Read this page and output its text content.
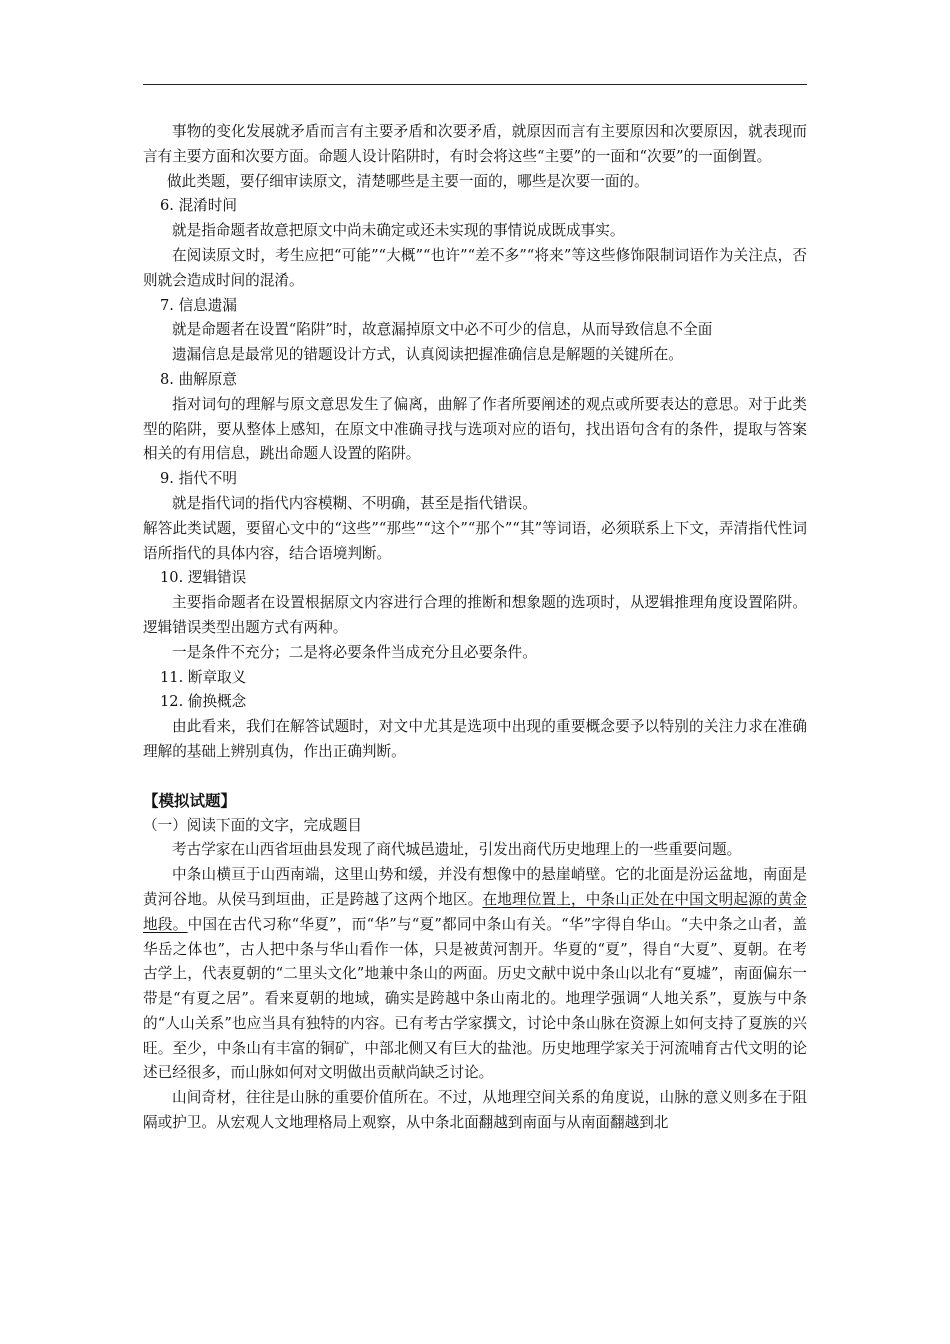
事物的变化发展就矛盾而言有主要矛盾和次要矛盾，就原因而言有主要原因和次要原因，就表现而言有主要方面和次要方面。命题人设计陷阱时，有时会将这些“主要”的一面和“次要”的一面倒置。

做此类题，要仔细审读原文，清楚哪些是主要一面的，哪些是次要一面的。

6. 混淆时间

就是指命题者故意把原文中尚未确定或还未实现的事情说成既成事实。

在阅读原文时，考生应把“可能”“大概”“也许”“差不多”“将来”等这些修饰限制词语作为关注点，否则就会造成时间的混淆。

7. 信息遗漏

就是命题者在设置“陷阱”时，故意漏掉原文中必不可少的信息，从而导致信息不全面

遗漏信息是最常见的错题设计方式，认真阅读把握准确信息是解题的关键所在。

8. 曲解原意

指对词句的理解与原文意思发生了偏离，曲解了作者所要阐述的观点或所要表达的意思。对于此类型的陷阱，要从整体上感知，在原文中准确寻找与选项对应的语句，找出语句含有的条件，提取与答案相关的有用信息，跳出命题人设置的陷阱。

9. 指代不明

就是指代词的指代内容模糊、不明确，甚至是指代错误。

解答此类试题，要留心文中的“这些”“那些”“这个”“那个”“其”等词语，必须联系上下文，弄清指代性词语所指代的具体内容，结合语境判断。

10. 逻辑错误

主要指命题者在设置根据原文内容进行合理的推断和想象题的选项时，从逻辑推理角度设置陷阱。逻辑错误类型出题方式有两种。

一是条件不充分；二是将必要条件当成充分且必要条件。

11. 断章取义

12. 偷换概念

由此看来，我们在解答试题时，对文中尤其是选项中出现的重要概念要予以特别的关注力求在准确理解的基础上辨别真伪，作出正确判断。

【模拟试题】

（一）阅读下面的文字，完成题目

考古学家在山西省垣曲县发现了商代城邑遗址，引发出商代历史地理上的一些重要问题。

中条山横亘于山西南端，这里山势和缓，并没有想像中的悬崖峭壁。它的北面是汾运盆地，南面是黄河谷地。从侯马到垣曲，正是跨越了这两个地区。在地理位置上，中条山正处在中国文明起源的黄金地段。中国在古代习称“华夏”，而“华”与“夏”都同中条山有关。“华”字得自华山。“夫中条之山者，盖华岳之体也”，古人把中条与华山看作一体，只是被黄河割开。华夏的“夏”，得自“大夏”、夏朝。在考古学上，代表夏朝的“二里头文化”地兼中条山的两面。历史文献中说中条山以北有“夏墟”，南面偏东一带是“有夏之居”。看来夏朝的地域，确实是跨越中条山南北的。地理学强调“人地关系”，夏族与中条的“人山关系”也应当具有独特的内容。已有考古学家撰文，讨论中条山脉在资源上如何支持了夏族的兴旺。至少，中条山有丰富的铜矿，中部北侧又有巨大的盐池。历史地理学家关于河流哺育古代文明的论述已经很多，而山脉如何对文明做出贡献尚缺乏讨论。

山间奇材，往往是山脉的重要价值所在。不过，从地理空间关系的角度说，山脉的意义则多在于阻隔或护卫。从宏观人文地理格局上观察，从中条北面翻越到南面与从南面翻越到北
